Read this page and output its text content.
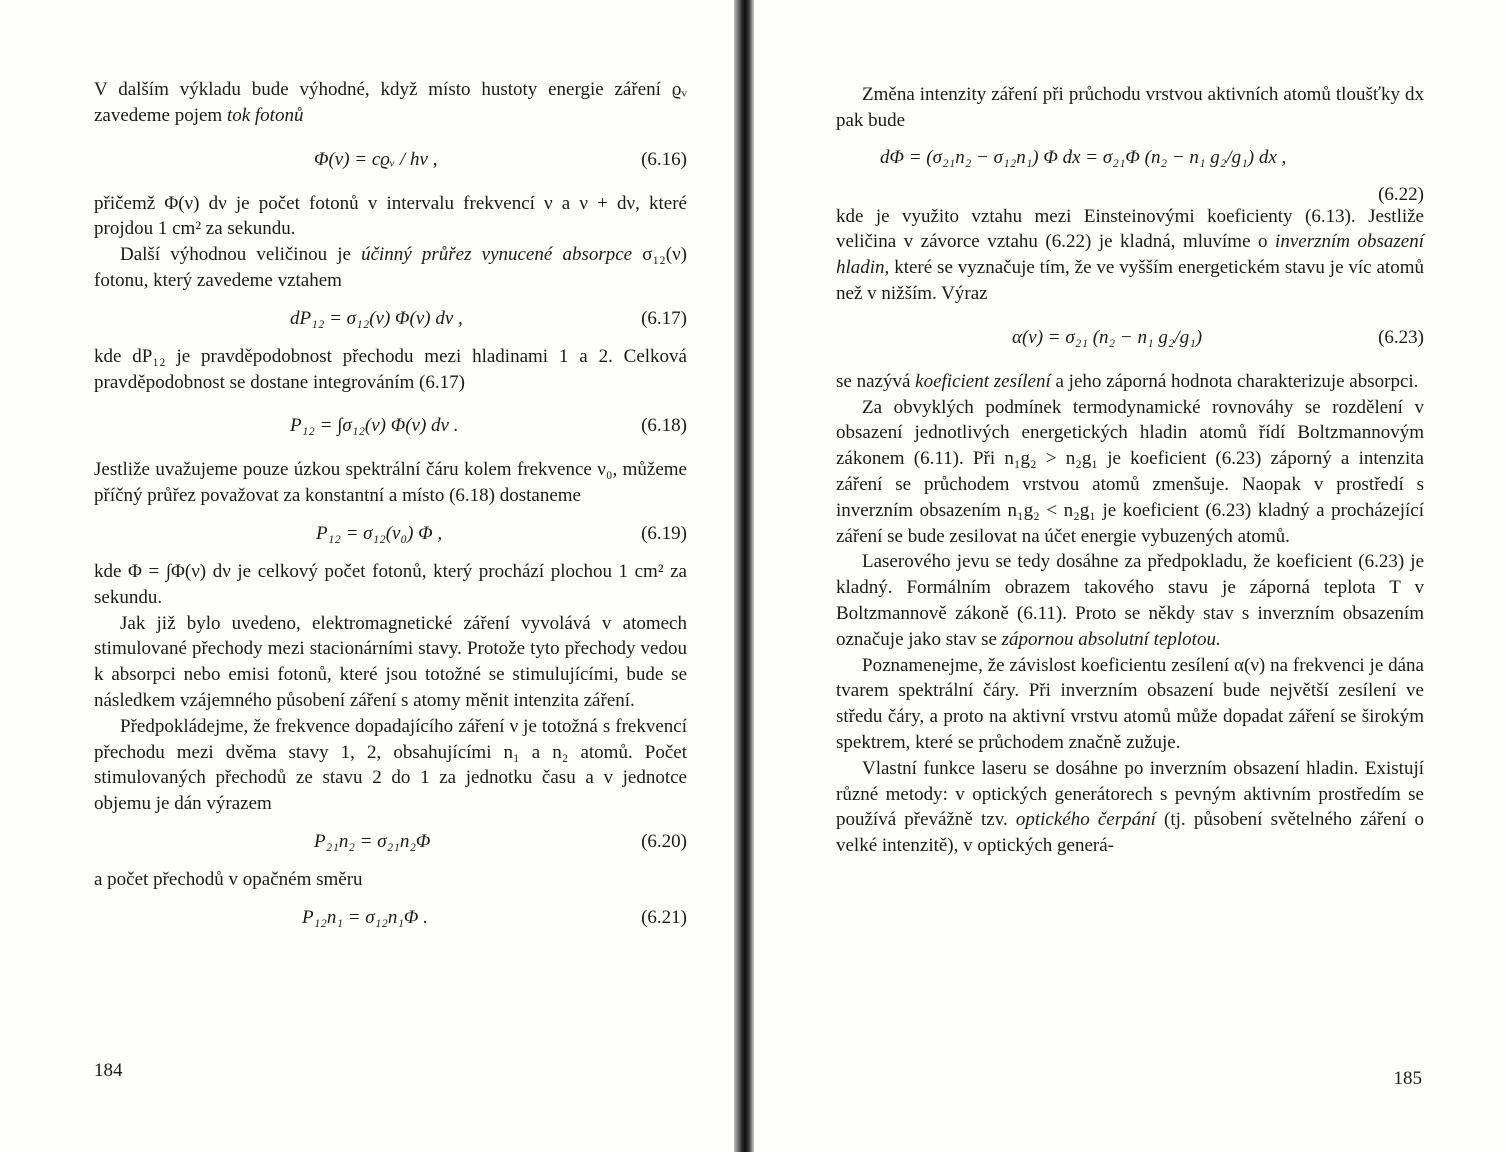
V dalším výkladu bude výhodné, když místo hustoty energie záření ϱᵥ zavedeme pojem tok fotonů

Φ(ν) = cϱᵥ / hν ,	(6.16)

přičemž Φ(ν) dν je počet fotonů v intervalu frekvencí ν a ν + dν, které projdou 1 cm² za sekundu.

Další výhodnou veličinou je účinný průřez vynucené absorpce σ₁₂(ν) fotonu, který zavedeme vztahem

dP₁₂ = σ₁₂(ν) Φ(ν) dν ,	(6.17)

kde dP₁₂ je pravděpodobnost přechodu mezi hladinami 1 a 2. Celková pravděpodobnost se dostane integrováním (6.17)

P₁₂ = ∫σ₁₂(ν) Φ(ν) dν .	(6.18)

Jestliže uvažujeme pouze úzkou spektrální čáru kolem frekvence ν₀, můžeme příčný průřez považovat za konstantní a místo (6.18) dostaneme

P₁₂ = σ₁₂(ν₀) Φ ,	(6.19)

kde Φ = ∫Φ(ν) dν je celkový počet fotonů, který prochází plochou 1 cm² za sekundu.

Jak již bylo uvedeno, elektromagnetické záření vyvolává v atomech stimulované přechody mezi stacionárními stavy. Protože tyto přechody vedou k absorpci nebo emisi fotonů, které jsou totožné se stimulujícími, bude se následkem vzájemného působení záření s atomy měnit intenzita záření.

Předpokládejme, že frekvence dopadajícího záření ν je totožná s frekvencí přechodu mezi dvěma stavy 1, 2, obsahujícími n₁ a n₂ atomů. Počet stimulovaných přechodů ze stavu 2 do 1 za jednotku času a v jednotce objemu je dán výrazem

P₂₁n₂ = σ₂₁n₂Φ	(6.20)

a počet přechodů v opačném směru

P₁₂n₁ = σ₁₂n₁Φ .	(6.21)
184

Změna intenzity záření při průchodu vrstvou aktivních atomů tloušťky dx pak bude

dΦ = (σ₂₁n₂ − σ₁₂n₁) Φ dx = σ₂₁Φ (n₂ − n₁ g₂/g₁) dx ,
(6.22)

kde je využito vztahu mezi Einsteinovými koeficienty (6.13). Jestliže veličina v závorce vztahu (6.22) je kladná, mluvíme o inverzním obsazení hladin, které se vyznačuje tím, že ve vyšším energetickém stavu je víc atomů než v nižším. Výraz

α(ν) = σ₂₁ (n₂ − n₁ g₂/g₁)	(6.23)

se nazývá koeficient zesílení a jeho záporná hodnota charakterizuje absorpci.

Za obvyklých podmínek termodynamické rovnováhy se rozdělení v obsazení jednotlivých energetických hladin atomů řídí Boltzmannovým zákonem (6.11). Při n₁g₂ > n₂g₁ je koeficient (6.23) záporný a intenzita záření se průchodem vrstvou atomů zmenšuje. Naopak v prostředí s inverzním obsazením n₁g₂ < n₂g₁ je koeficient (6.23) kladný a procházející záření se bude zesilovat na účet energie vybuzených atomů.

Laserového jevu se tedy dosáhne za předpokladu, že koeficient (6.23) je kladný. Formálním obrazem takového stavu je záporná teplota T v Boltzmannově zákoně (6.11). Proto se někdy stav s inverzním obsazením označuje jako stav se zápornou absolutní teplotou.

Poznamenejme, že závislost koeficientu zesílení α(ν) na frekvenci je dána tvarem spektrální čáry. Při inverzním obsazení bude největší zesílení ve středu čáry, a proto na aktivní vrstvu atomů může dopadat záření se širokým spektrem, které se průchodem značně zužuje.

Vlastní funkce laseru se dosáhne po inverzním obsazení hladin. Existují různé metody: v optických generátorech s pevným aktivním prostředím se používá převážně tzv. optického čerpání (tj. působení světelného záření o velké intenzitě), v optických generá-

185
